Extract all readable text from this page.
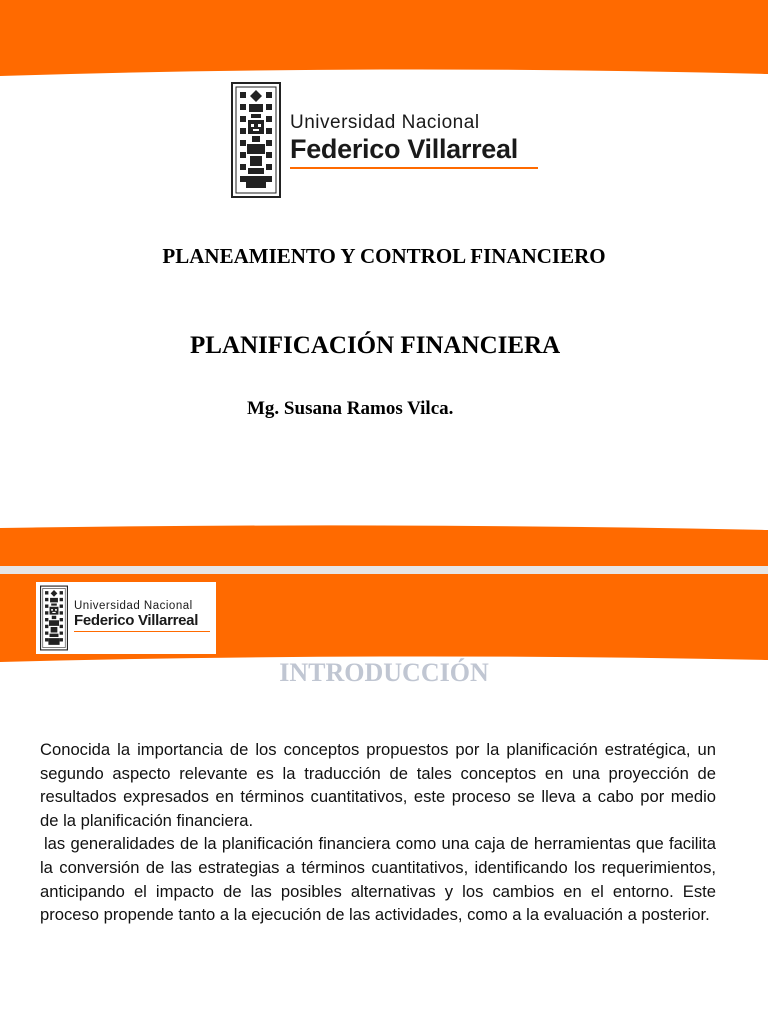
Universidad Nacional
Federico Villarreal
PLANEAMIENTO Y CONTROL FINANCIERO
PLANIFICACIÓN FINANCIERA
Mg. Susana Ramos Vilca.
Universidad Nacional
Federico Villarreal
INTRODUCCIÓN

Conocida la importancia de los conceptos propuestos por la planificación estratégica, un segundo aspecto relevante es la traducción de tales conceptos en una proyección de resultados expresados en términos cuantitativos, este proceso se lleva a cabo por medio de la planificación financiera.

las generalidades de la planificación financiera como una caja de herramientas que facilita la conversión de las estrategias a términos cuantitativos, identificando los requerimientos, anticipando el impacto de las posibles alternativas y los cambios en el entorno. Este proceso propende tanto a la ejecución de las actividades, como a la evaluación a posterior.
